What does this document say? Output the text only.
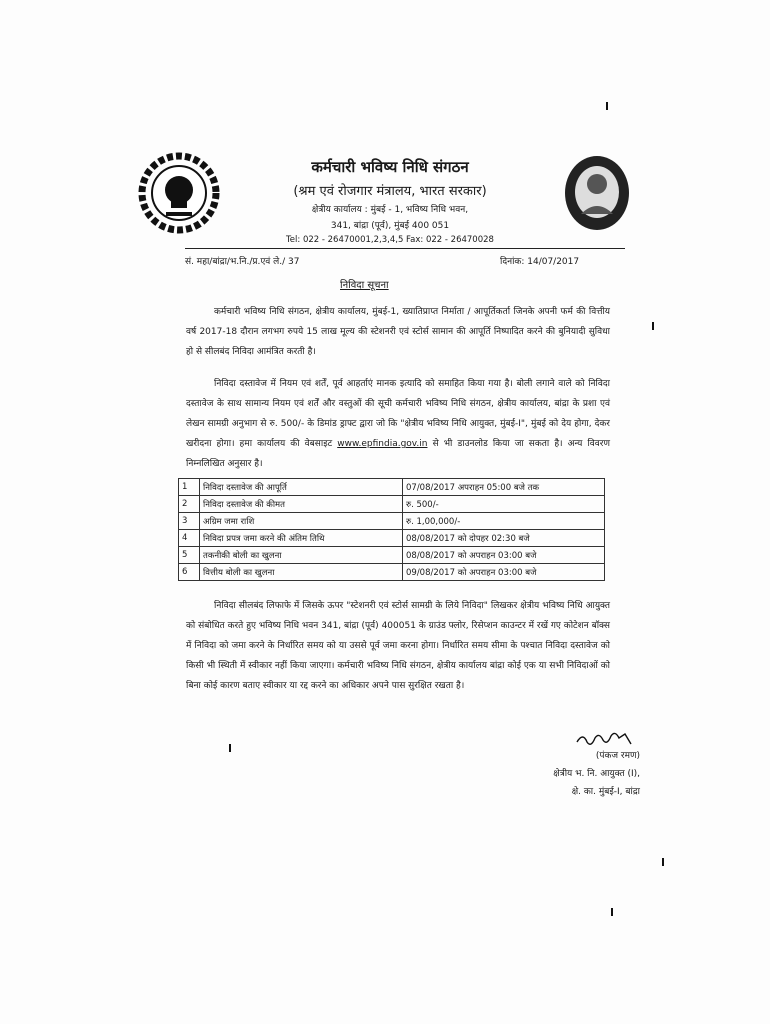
कर्मचारी भविष्य निधि संगठन
(श्रम एवं रोजगार मंत्रालय, भारत सरकार)
क्षेत्रीय कार्यालय : मुंबई - 1, भविष्य निधि भवन,
341, बांद्रा (पूर्व), मुंबई 400 051
Tel: 022 - 26470001,2,3,4,5 Fax: 022 - 26470028
सं. महा/बांद्रा/भ.नि./प्र.एवं ले./ 37	दिनांक: 14/07/2017
निविदा सूचना
कर्मचारी भविष्य निधि संगठन, क्षेत्रीय कार्यालय, मुंबई-1, ख्यातिप्राप्त निर्माता / आपूर्तिकर्ता जिनके अपनी फर्म की वित्तीय वर्ष 2017-18 दौरान लगभग रुपये 15 लाख मूल्य की स्टेशनरी एवं स्टोर्स सामान की आपूर्ति निष्पादित करने की बुनियादी सुविधा हो से सीलबंद निविदा आमंत्रित करती है।
निविदा दस्तावेज में नियम एवं शर्तें, पूर्व आहर्ताएं मानक इत्यादि को समाहित किया गया है। बोली लगाने वाले को निविदा दस्तावेज के साथ सामान्य नियम एवं शर्तें और वस्तुओं की सूची कर्मचारी भविष्य निधि संगठन, क्षेत्रीय कार्यालय, बांद्रा के प्रशा एवं लेखन सामग्री अनुभाग से रु. 500/- के डिमांड ड्राफ्ट द्वारा जो कि "क्षेत्रीय भविष्य निधि आयुक्त, मुंबई-I", मुंबई को देय होगा, देकर खरीदना होगा। हमा कार्यालय की वेबसाइट www.epfindia.gov.in से भी डाउनलोड किया जा सकता है। अन्य विवरण निम्नलिखित अनुसार है।
1	निविदा दस्तावेज की आपूर्ति	07/08/2017 अपराहन 05:00 बजे तक
2	निविदा दस्तावेज की कीमत	रु. 500/-
3	अग्रिम जमा राशि	रु. 1,00,000/-
4	निविदा प्रपत्र जमा करने की अंतिम तिथि	08/08/2017 को दोपहर 02:30 बजे
5	तकनीकी बोली का खुलना	08/08/2017 को अपराहन 03:00 बजे
6	वित्तीय बोली का खुलना	09/08/2017 को अपराहन 03:00 बजे
निविदा सीलबंद लिफाफे में जिसके ऊपर "स्टेशनरी एवं स्टोर्स सामग्री के लिये निविदा" लिखकर क्षेत्रीय भविष्य निधि आयुक्त को संबोधित करते हुए भविष्य निधि भवन 341, बांद्रा (पूर्व) 400051 के ग्राउंड फ्लोर, रिसेप्शन काउन्टर में रखें गए कोटेशन बॉक्स में निविदा को जमा करने के निर्धारित समय को या उससे पूर्व जमा करना होगा। निर्धारित समय सीमा के पश्चात निविदा दस्तावेज को किसी भी स्थिती में स्वीकार नहीं किया जाएगा। कर्मचारी भविष्य निधि संगठन, क्षेत्रीय कार्यालय बांद्रा कोई एक या सभी निविदाओं को बिना कोई कारण बताए स्वीकार या रद्द करने का अधिकार अपने पास सुरक्षित रखता है।
(पंकज रमण)
क्षेत्रीय भ. नि. आयुक्त (I),
क्षे. का. मुंबई-I, बांद्रा
